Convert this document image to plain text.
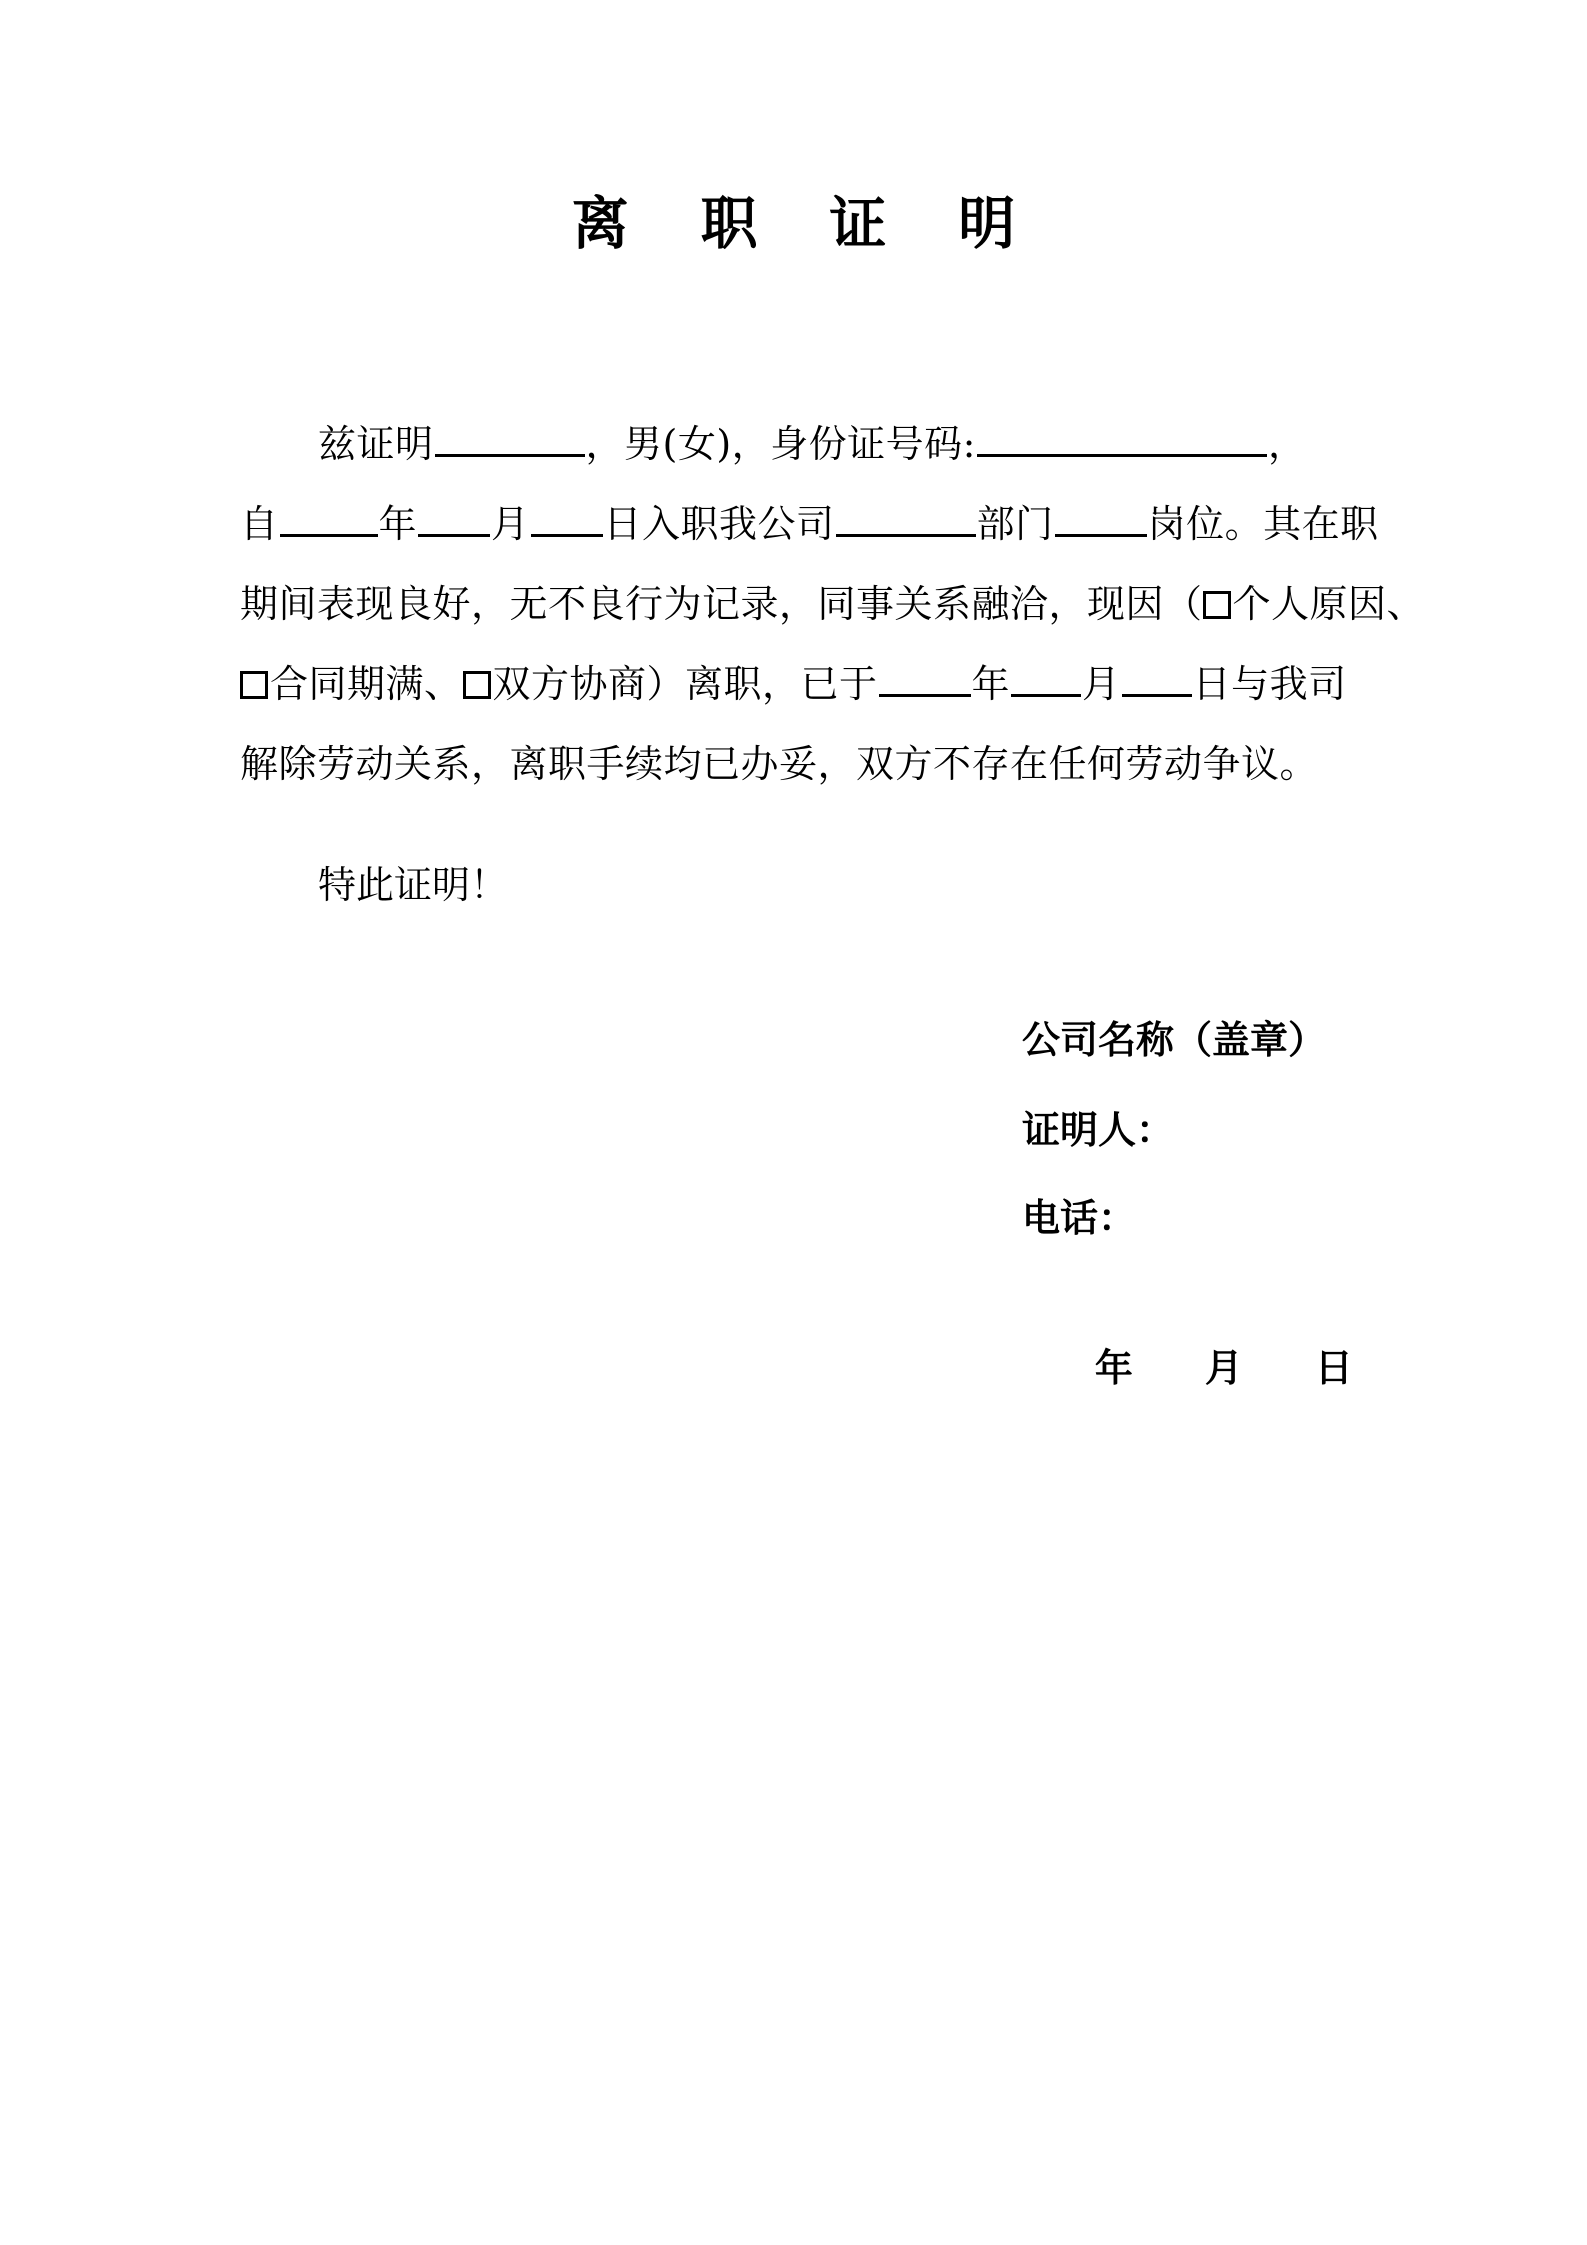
离 职 证 明
兹证明	，男(女)，身份证号码:	，
自	年 月 日入职我公司	部门 岗位。其在职
期间表现良好，无不良行为记录，同事关系融洽，现因（ 个人原因、
合同期满、 双方协商）离职，已于 年 月 日与我司
解除劳动关系，离职手续均已办妥，双方不存在任何劳动争议。
特此证明！
公司名称（盖章）
证明人：
电话：

年 月 日
